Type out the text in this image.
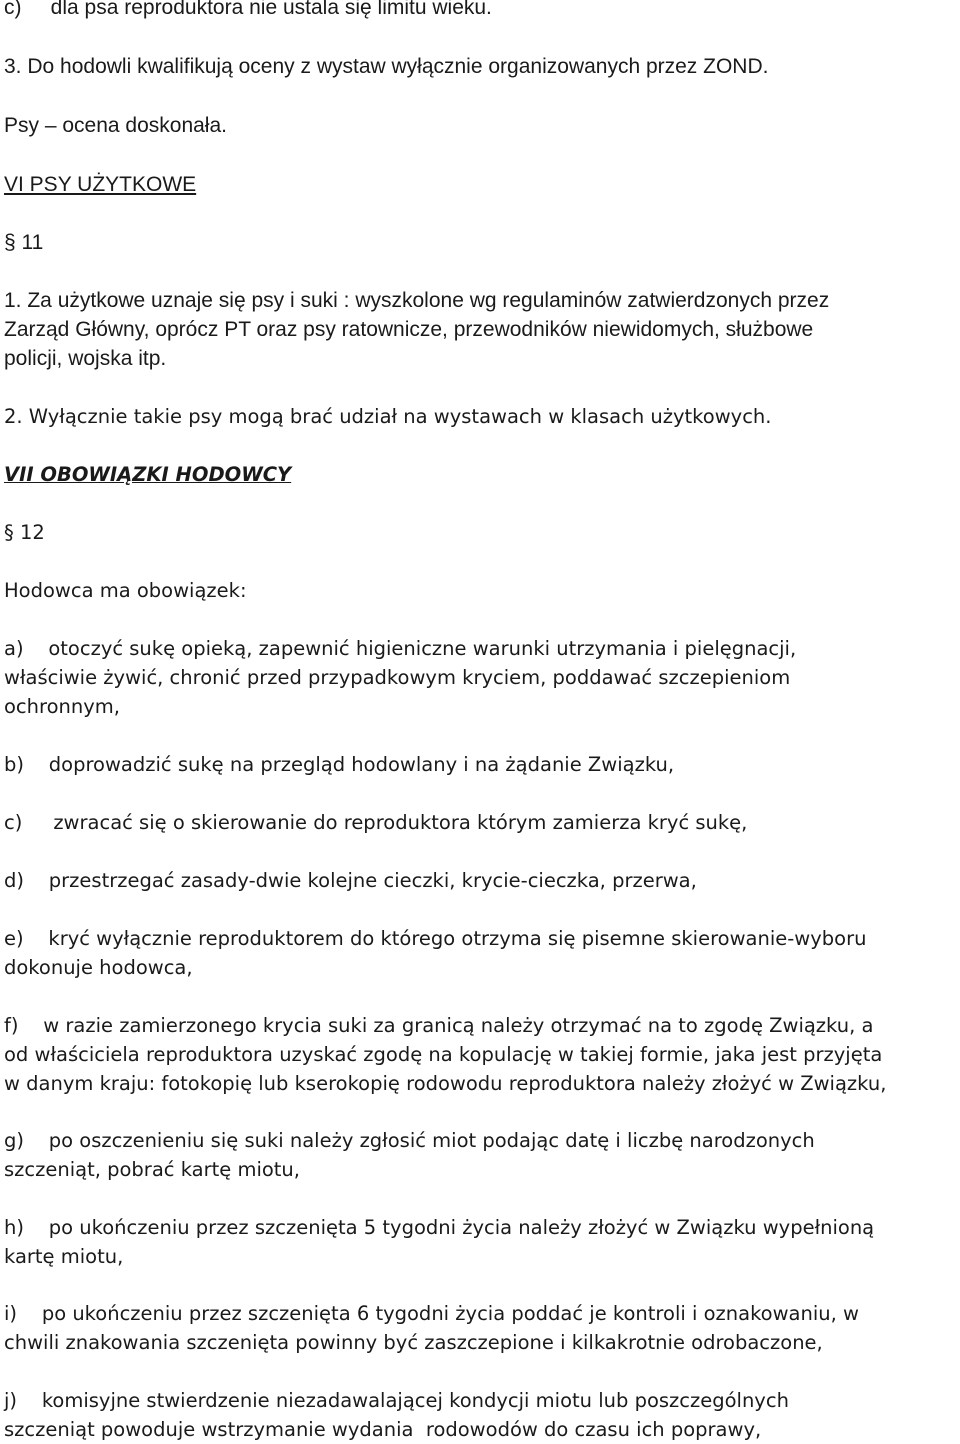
c)     dla psa reproduktora nie ustala się limitu wieku.

3. Do hodowli kwalifikują oceny z wystaw wyłącznie organizowanych przez ZOND.

Psy – ocena doskonała.

VI PSY UŻYTKOWE

§ 11

1. Za użytkowe uznaje się psy i suki : wyszkolone wg regulaminów zatwierdzonych przez

Zarząd Główny, oprócz PT oraz psy ratownicze, przewodników niewidomych, służbowe

policji, wojska itp.

2. Wyłącznie takie psy mogą brać udział na wystawach w klasach użytkowych.

VII OBOWIĄZKI HODOWCY

§ 12

Hodowca ma obowiązek:

a)    otoczyć sukę opieką, zapewnić higieniczne warunki utrzymania i pielęgnacji,

właściwie żywić, chronić przed przypadkowym kryciem, poddawać szczepieniom

ochronnym,

b)    doprowadzić sukę na przegląd hodowlany i na żądanie Związku,

c)     zwracać się o skierowanie do reproduktora którym zamierza kryć sukę,

d)    przestrzegać zasady-dwie kolejne cieczki, krycie-cieczka, przerwa,

e)    kryć wyłącznie reproduktorem do którego otrzyma się pisemne skierowanie-wyboru

dokonuje hodowca,

f)    w razie zamierzonego krycia suki za granicą należy otrzymać na to zgodę Związku, a

od właściciela reproduktora uzyskać zgodę na kopulację w takiej formie, jaka jest przyjęta

w danym kraju: fotokopię lub kserokopię rodowodu reproduktora należy złożyć w Związku,

g)    po oszczenieniu się suki należy zgłosić miot podając datę i liczbę narodzonych

szczeniąt, pobrać kartę miotu,

h)    po ukończeniu przez szczenięta 5 tygodni życia należy złożyć w Związku wypełnioną

kartę miotu,

i)    po ukończeniu przez szczenięta 6 tygodni życia poddać je kontroli i oznakowaniu, w

chwili znakowania szczenięta powinny być zaszczepione i kilkakrotnie odrobaczone,

j)    komisyjne stwierdzenie niezadawalającej kondycji miotu lub poszczególnych

szczeniąt powoduje wstrzymanie wydania  rodowodów do czasu ich poprawy,
